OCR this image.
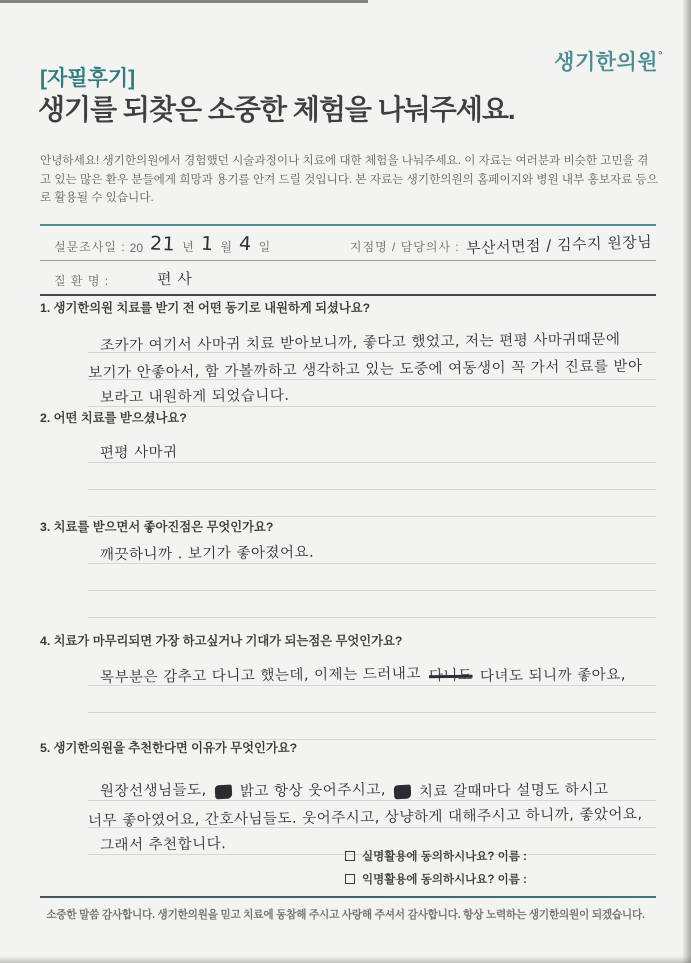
생기한의원°
[자필후기]
생기를 되찾은 소중한 체험을 나눠주세요.
안녕하세요! 생기한의원에서 경험했던 시술과정이나 치료에 대한 체험을 나눠주세요. 이 자료는 여러분과 비슷한 고민을 겪고 있는 많은 환우 분들에게 희망과 용기를 안겨 드릴 것입니다. 본 자료는 생기한의원의 홈페이지와 병원 내부 홍보자료 등으로 활용될 수 있습니다.
설문조사일 : 20 21 년 1 월 4 일	지점명 / 담당의사 : 부산서면점 / 김수지 원장님
질 환 명 :	편 사
1. 생기한의원 치료를 받기 전 어떤 동기로 내원하게 되셨나요?
조카가 여기서 사마귀 치료 받아보니까, 좋다고 했었고, 저는 편평 사마귀때문에
보기가 안좋아서, 함 가볼까하고 생각하고 있는 도중에 여동생이 꼭 가서 진료를 받아
보라고 내원하게 되었습니다.
2. 어떤 치료를 받으셨나요?
편평 사마귀
3. 치료를 받으면서 좋아진점은 무엇인가요?
깨끗하니까 . 보기가 좋아졌어요.
4. 치료가 마무리되면 가장 하고싶거나 기대가 되는점은 무엇인가요?
목부분은 감추고 다니고 했는데, 이제는 드러내고 다니도 다녀도 되니까 좋아요,
5. 생기한의원을 추천한다면 이유가 무엇인가요?
원장선생님들도, 밝고 항상 웃어주시고, 치료 갈때마다 설명도 하시고
너무 좋아였어요, 간호사님들도. 웃어주시고, 상냥하게 대해주시고 하니까, 좋았어요,
그래서 추천합니다.
실명활용에 동의하시나요? 이름 :
익명활용에 동의하시나요? 이름 :
소중한 말씀 감사합니다. 생기한의원을 믿고 치료에 동참해 주시고 사랑해 주셔서 감사합니다. 항상 노력하는 생기한의원이 되겠습니다.
